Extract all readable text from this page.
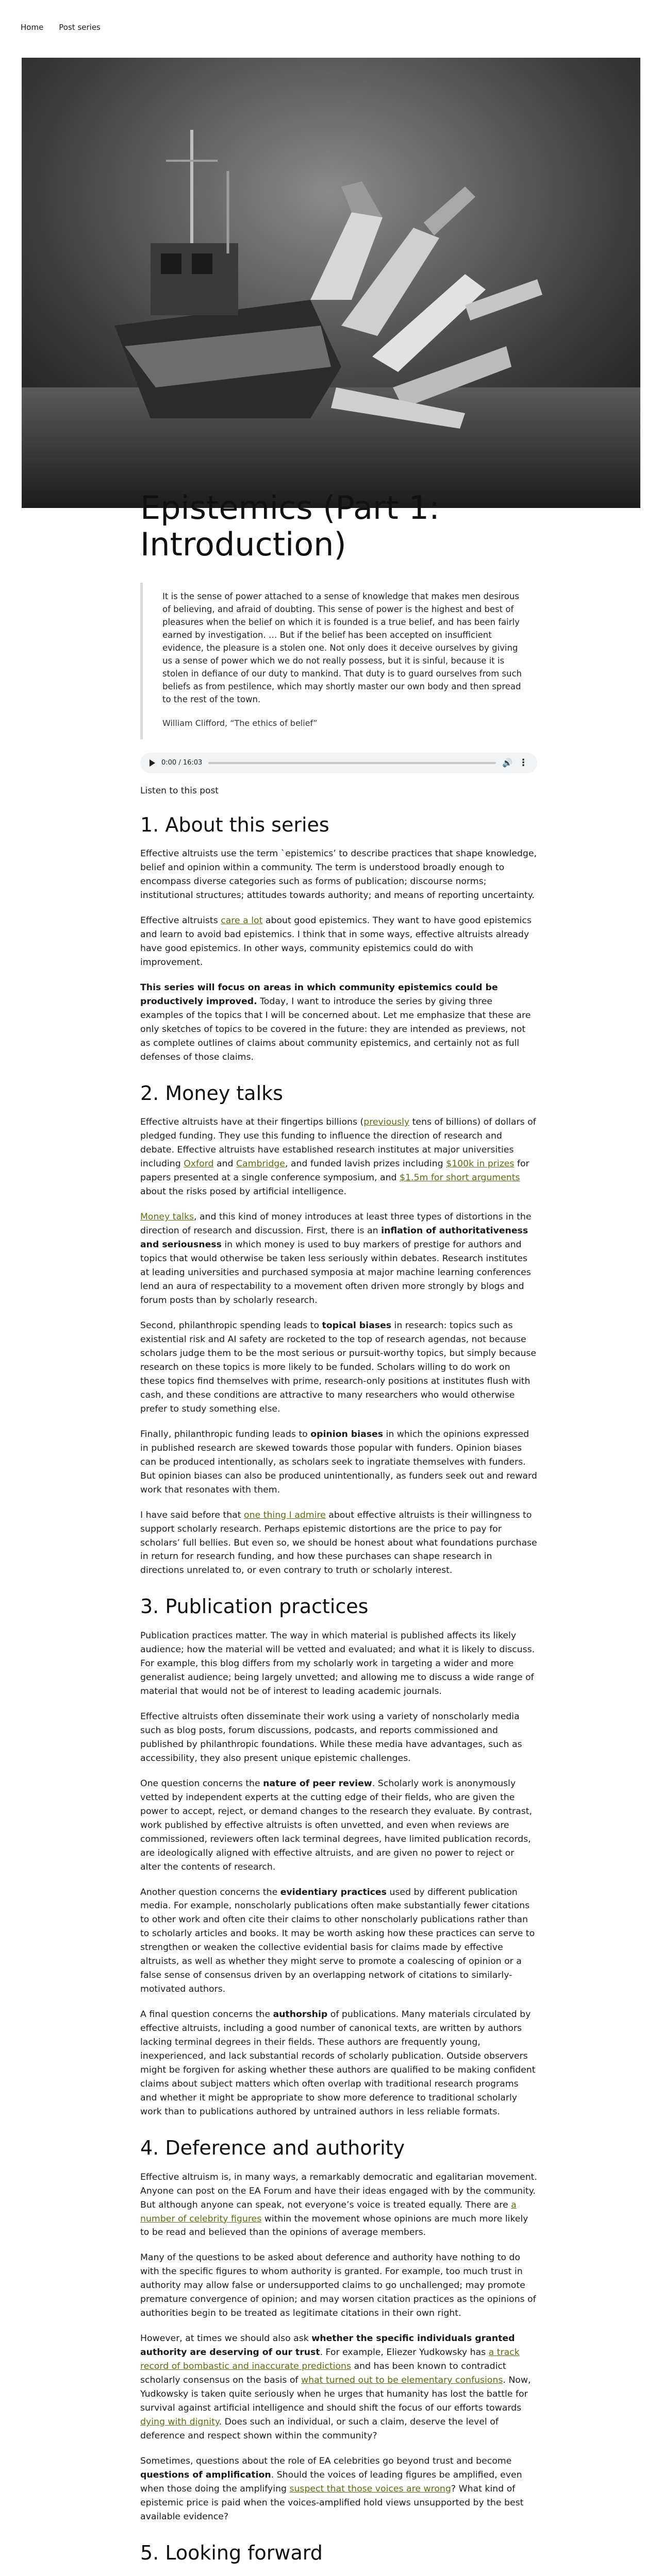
Home Post series
Epistemics (Part 1: Introduction)
It is the sense of power attached to a sense of knowledge that makes men desirous of believing, and afraid of doubting. This sense of power is the highest and best of pleasures when the belief on which it is founded is a true belief, and has been fairly earned by investigation. … But if the belief has been accepted on insufficient evidence, the pleasure is a stolen one. Not only does it deceive ourselves by giving us a sense of power which we do not really possess, but it is sinful, because it is stolen in defiance of our duty to mankind. That duty is to guard ourselves from such beliefs as from pestilence, which may shortly master our own body and then spread to the rest of the town.
William Clifford, “The ethics of belief”
0:00 / 16:03	🔊 ⋮
Listen to this post
1. About this series

Effective altruists use the term `epistemics’ to describe practices that shape knowledge, belief and opinion within a community. The term is understood broadly enough to encompass diverse categories such as forms of publication; discourse norms; institutional structures; attitudes towards authority; and means of reporting uncertainty.

Effective altruists care a lot about good epistemics. They want to have good epistemics and learn to avoid bad epistemics. I think that in some ways, effective altruists already have good epistemics. In other ways, community epistemics could do with improvement.

This series will focus on areas in which community epistemics could be productively improved. Today, I want to introduce the series by giving three examples of the topics that I will be concerned about. Let me emphasize that these are only sketches of topics to be covered in the future: they are intended as previews, not as complete outlines of claims about community epistemics, and certainly not as full defenses of those claims.

2. Money talks

Effective altruists have at their fingertips billions (previously tens of billions) of dollars of pledged funding. They use this funding to influence the direction of research and debate. Effective altruists have established research institutes at major universities including Oxford and Cambridge, and funded lavish prizes including $100k in prizes for papers presented at a single conference symposium, and $1.5m for short arguments about the risks posed by artificial intelligence.

Money talks, and this kind of money introduces at least three types of distortions in the direction of research and discussion. First, there is an inflation of authoritativeness and seriousness in which money is used to buy markers of prestige for authors and topics that would otherwise be taken less seriously within debates. Research institutes at leading universities and purchased symposia at major machine learning conferences lend an aura of respectability to a movement often driven more strongly by blogs and forum posts than by scholarly research.

Second, philanthropic spending leads to topical biases in research: topics such as existential risk and AI safety are rocketed to the top of research agendas, not because scholars judge them to be the most serious or pursuit-worthy topics, but simply because research on these topics is more likely to be funded. Scholars willing to do work on these topics find themselves with prime, research-only positions at institutes flush with cash, and these conditions are attractive to many researchers who would otherwise prefer to study something else.

Finally, philanthropic funding leads to opinion biases in which the opinions expressed in published research are skewed towards those popular with funders. Opinion biases can be produced intentionally, as scholars seek to ingratiate themselves with funders. But opinion biases can also be produced unintentionally, as funders seek out and reward work that resonates with them.

I have said before that one thing I admire about effective altruists is their willingness to support scholarly research. Perhaps epistemic distortions are the price to pay for scholars’ full bellies. But even so, we should be honest about what foundations purchase in return for research funding, and how these purchases can shape research in directions unrelated to, or even contrary to truth or scholarly interest.

3. Publication practices

Publication practices matter. The way in which material is published affects its likely audience; how the material will be vetted and evaluated; and what it is likely to discuss. For example, this blog differs from my scholarly work in targeting a wider and more generalist audience; being largely unvetted; and allowing me to discuss a wide range of material that would not be of interest to leading academic journals.

Effective altruists often disseminate their work using a variety of nonscholarly media such as blog posts, forum discussions, podcasts, and reports commissioned and published by philanthropic foundations. While these media have advantages, such as accessibility, they also present unique epistemic challenges.

One question concerns the nature of peer review. Scholarly work is anonymously vetted by independent experts at the cutting edge of their fields, who are given the power to accept, reject, or demand changes to the research they evaluate. By contrast, work published by effective altruists is often unvetted, and even when reviews are commissioned, reviewers often lack terminal degrees, have limited publication records, are ideologically aligned with effective altruists, and are given no power to reject or alter the contents of research.

Another question concerns the evidentiary practices used by different publication media. For example, nonscholarly publications often make substantially fewer citations to other work and often cite their claims to other nonscholarly publications rather than to scholarly articles and books. It may be worth asking how these practices can serve to strengthen or weaken the collective evidential basis for claims made by effective altruists, as well as whether they might serve to promote a coalescing of opinion or a false sense of consensus driven by an overlapping network of citations to similarly-motivated authors.

A final question concerns the authorship of publications. Many materials circulated by effective altruists, including a good number of canonical texts, are written by authors lacking terminal degrees in their fields. These authors are frequently young, inexperienced, and lack substantial records of scholarly publication. Outside observers might be forgiven for asking whether these authors are qualified to be making confident claims about subject matters which often overlap with traditional research programs and whether it might be appropriate to show more deference to traditional scholarly work than to publications authored by untrained authors in less reliable formats.

4. Deference and authority

Effective altruism is, in many ways, a remarkably democratic and egalitarian movement. Anyone can post on the EA Forum and have their ideas engaged with by the community. But although anyone can speak, not everyone’s voice is treated equally. There are a number of celebrity figures within the movement whose opinions are much more likely to be read and believed than the opinions of average members.

Many of the questions to be asked about deference and authority have nothing to do with the specific figures to whom authority is granted. For example, too much trust in authority may allow false or undersupported claims to go unchallenged; may promote premature convergence of opinion; and may worsen citation practices as the opinions of authorities begin to be treated as legitimate citations in their own right.

However, at times we should also ask whether the specific individuals granted authority are deserving of our trust. For example, Eliezer Yudkowsky has a track record of bombastic and inaccurate predictions and has been known to contradict scholarly consensus on the basis of what turned out to be elementary confusions. Now, Yudkowsky is taken quite seriously when he urges that humanity has lost the battle for survival against artificial intelligence and should shift the focus of our efforts towards dying with dignity. Does such an individual, or such a claim, deserve the level of deference and respect shown within the community?

Sometimes, questions about the role of EA celebrities go beyond trust and become questions of amplification. Should the voices of leading figures be amplified, even when those doing the amplifying suspect that those voices are wrong? What kind of epistemic price is paid when the voices-amplified hold views unsupported by the best available evidence?

5. Looking forward
